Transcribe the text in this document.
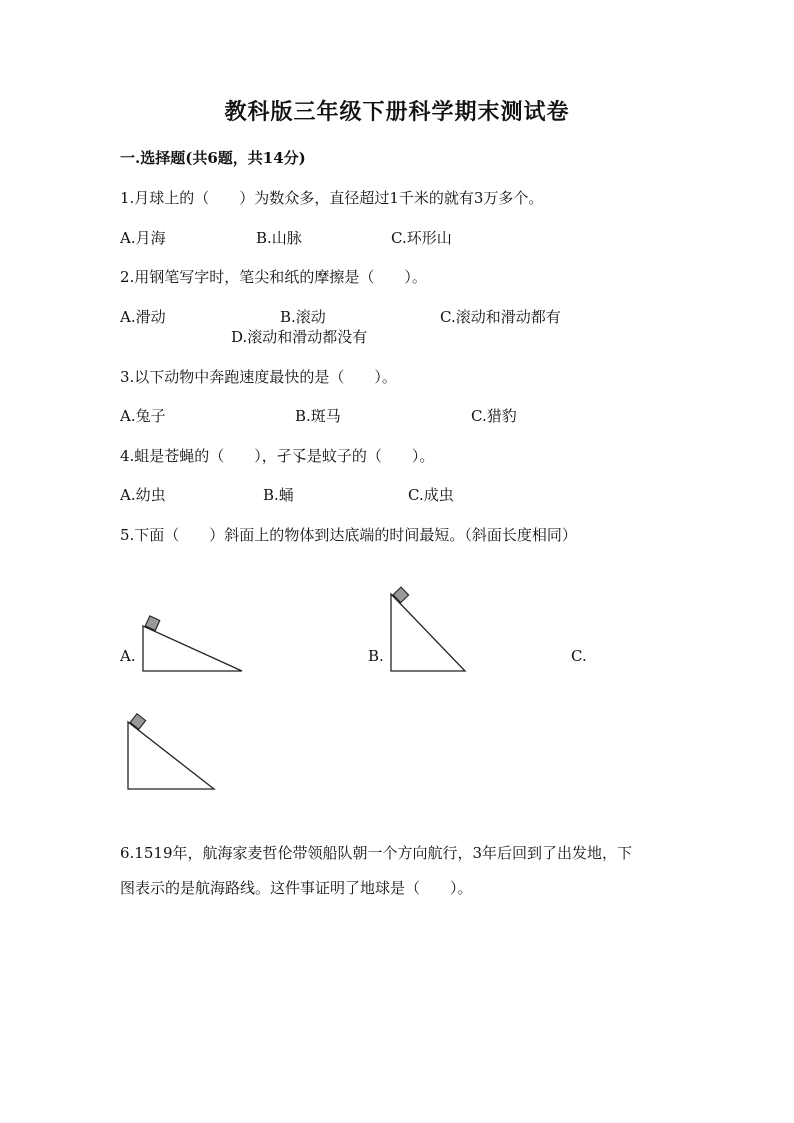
教科版三年级下册科学期末测试卷
一.选择题(共6题，共14分)
1.月球上的（　　）为数众多，直径超过1千米的就有3万多个。
A.月海	B.山脉	C.环形山
2.用钢笔写字时，笔尖和纸的摩擦是（　　）。
A.滑动	B.滚动	C.滚动和滑动都有
D.滚动和滑动都没有
3.以下动物中奔跑速度最快的是（　　）。
A.兔子	B.斑马	C.猎豹
4.蛆是苍蝇的（　　），孑孓是蚊子的（　　）。
A.幼虫	B.蛹	C.成虫
5.下面（　　）斜面上的物体到达底端的时间最短。（斜面长度相同）
A.	B.	C.
6.1519年，航海家麦哲伦带领船队朝一个方向航行，3年后回到了出发地，下
图表示的是航海路线。这件事证明了地球是（　　）。
